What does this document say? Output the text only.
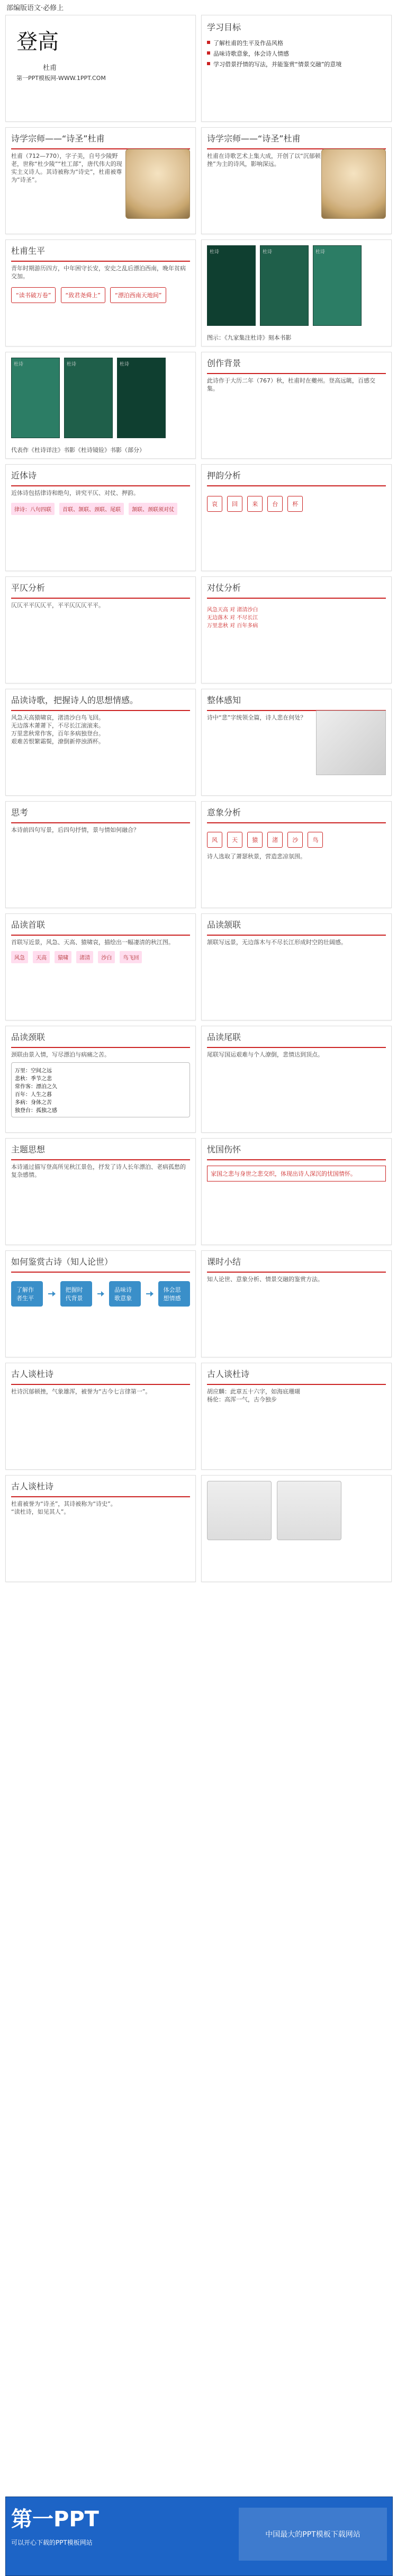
部编版语文·必修上
登高
杜甫
第一PPT模板网-WWW.1PPT.COM
学习目标
了解杜甫的生平及作品风格
品味诗歌意象，体会诗人情感
学习借景抒情的写法，并能鉴赏“情景交融”的意境
诗学宗师——“诗圣”杜甫
杜甫（712—770），字子美，自号少陵野老，世称“杜少陵”“杜工部”，唐代伟大的现实主义诗人。其诗被称为“诗史”，杜甫被尊为“诗圣”。
诗学宗师——“诗圣”杜甫
杜甫在诗歌艺术上集大成，开创了以“沉郁顿挫”为主的诗风，影响深远。
杜甫生平
青年时期游历四方，中年困守长安，安史之乱后漂泊西南，晚年贫病交加。
“读书破万卷” “致君尧舜上” “漂泊西南天地间”
杜诗	杜诗	杜诗
图示：《九家集注杜诗》刻本书影
杜诗	杜诗	杜诗
代表作《杜诗详注》书影《杜诗镜铨》书影（部分）
创作背景
此诗作于大历二年（767）秋，杜甫时在夔州。登高远眺，百感交集。
近体诗
近体诗包括律诗和绝句，讲究平仄、对仗、押韵。
律诗：八句四联 首联、颔联、颈联、尾联 颔联、颈联须对仗
押韵分析
哀 回 来 台 杯
平仄分析
仄仄平平仄仄平，平平仄仄仄平平。
对仗分析
风急天高 对 渚清沙白
无边落木 对 不尽长江
万里悲秋 对 百年多病
品读诗歌，把握诗人的思想情感。
风急天高猿啸哀，渚清沙白鸟飞回。
无边落木萧萧下，不尽长江滚滚来。
万里悲秋常作客，百年多病独登台。
艰难苦恨繁霜鬓，潦倒新停浊酒杯。
整体感知
诗中“悲”字统领全篇，诗人悲在何处？
思考
本诗前四句写景，后四句抒情，景与情如何融合？
意象分析
风 天 猿 渚 沙 鸟
诗人选取了萧瑟秋景，营造悲凉氛围。
品读首联
首联写近景，风急、天高、猿啸哀，描绘出一幅凄清的秋江图。
风急 天高 猿啸 渚清 沙白 鸟飞回
品读颔联
颔联写远景，无边落木与不尽长江形成时空的壮阔感。
品读颈联
颈联由景入情，写尽漂泊与病痛之苦。
万里：空间之远
悲秋：季节之悲
常作客：漂泊之久
百年：人生之暮
多病：身体之苦
独登台：孤独之感
品读尾联
尾联写国运艰难与个人潦倒，悲情达到顶点。
主题思想
本诗通过描写登高所见秋江景色，抒发了诗人长年漂泊、老病孤愁的复杂感情。
忧国伤怀
家国之悲与身世之悲交织，体现出诗人深沉的忧国情怀。
如何鉴赏古诗（知人论世）
了解作者生平
把握时代背景
品味诗歌意象
体会思想情感
课时小结
知人论世、意象分析、情景交融的鉴赏方法。
古人谈杜诗
杜诗沉郁顿挫，气象雄浑，被誉为“古今七言律第一”。
古人谈杜诗
胡应麟：此章五十六字，如海底珊瑚
杨伦：高浑一气，古今独步
古人谈杜诗
杜甫被誉为“诗圣”，其诗被称为“诗史”。
“读杜诗，如见其人”。
第一PPT
可以开心下载的PPT模板网站
中国最大的PPT模板下载网站
